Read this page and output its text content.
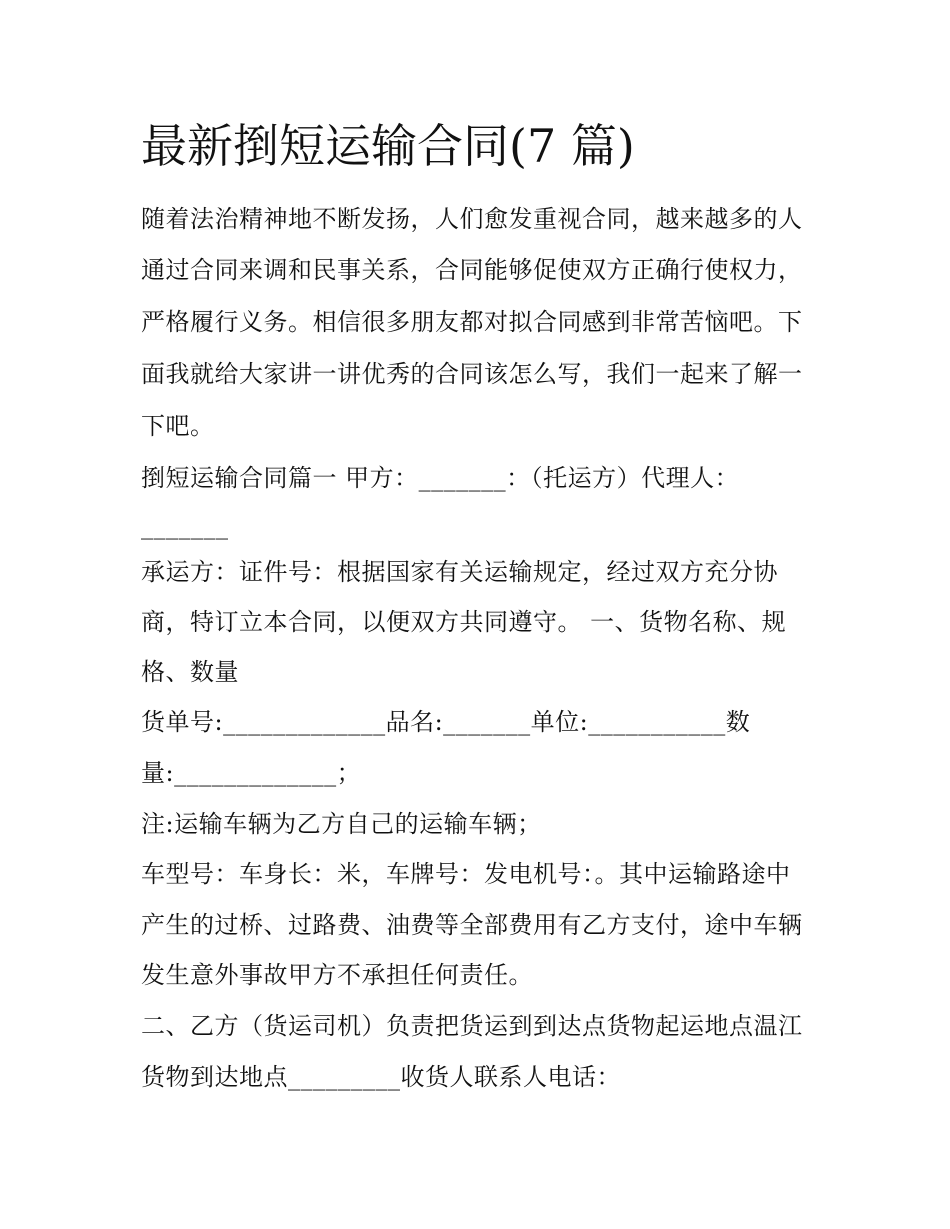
最新捯短运输合同(7 篇)

随着法治精神地不断发扬，人们愈发重视合同，越来越多的人

通过合同来调和民事关系，合同能够促使双方正确行使权力，

严格履行义务。相信很多朋友都对拟合同感到非常苦恼吧。下

面我就给大家讲一讲优秀的合同该怎么写，我们一起来了解一

下吧。

捯短运输合同篇一 甲方：_______：（托运方）代理人：

_______

承运方：证件号：根据国家有关运输规定，经过双方充分协

商，特订立本合同，以便双方共同遵守。 一、货物名称、规

格、数量

货单号:_____________品名:_______单位:___________数

量:_____________；

注:运输车辆为乙方自己的运输车辆；

车型号：车身长：米，车牌号：发电机号：。其中运输路途中

产生的过桥、过路费、油费等全部费用有乙方支付，途中车辆

发生意外事故甲方不承担任何责任。

二、乙方（货运司机）负责把货运到到达点货物起运地点温江

货物到达地点_________收货人联系人电话：
